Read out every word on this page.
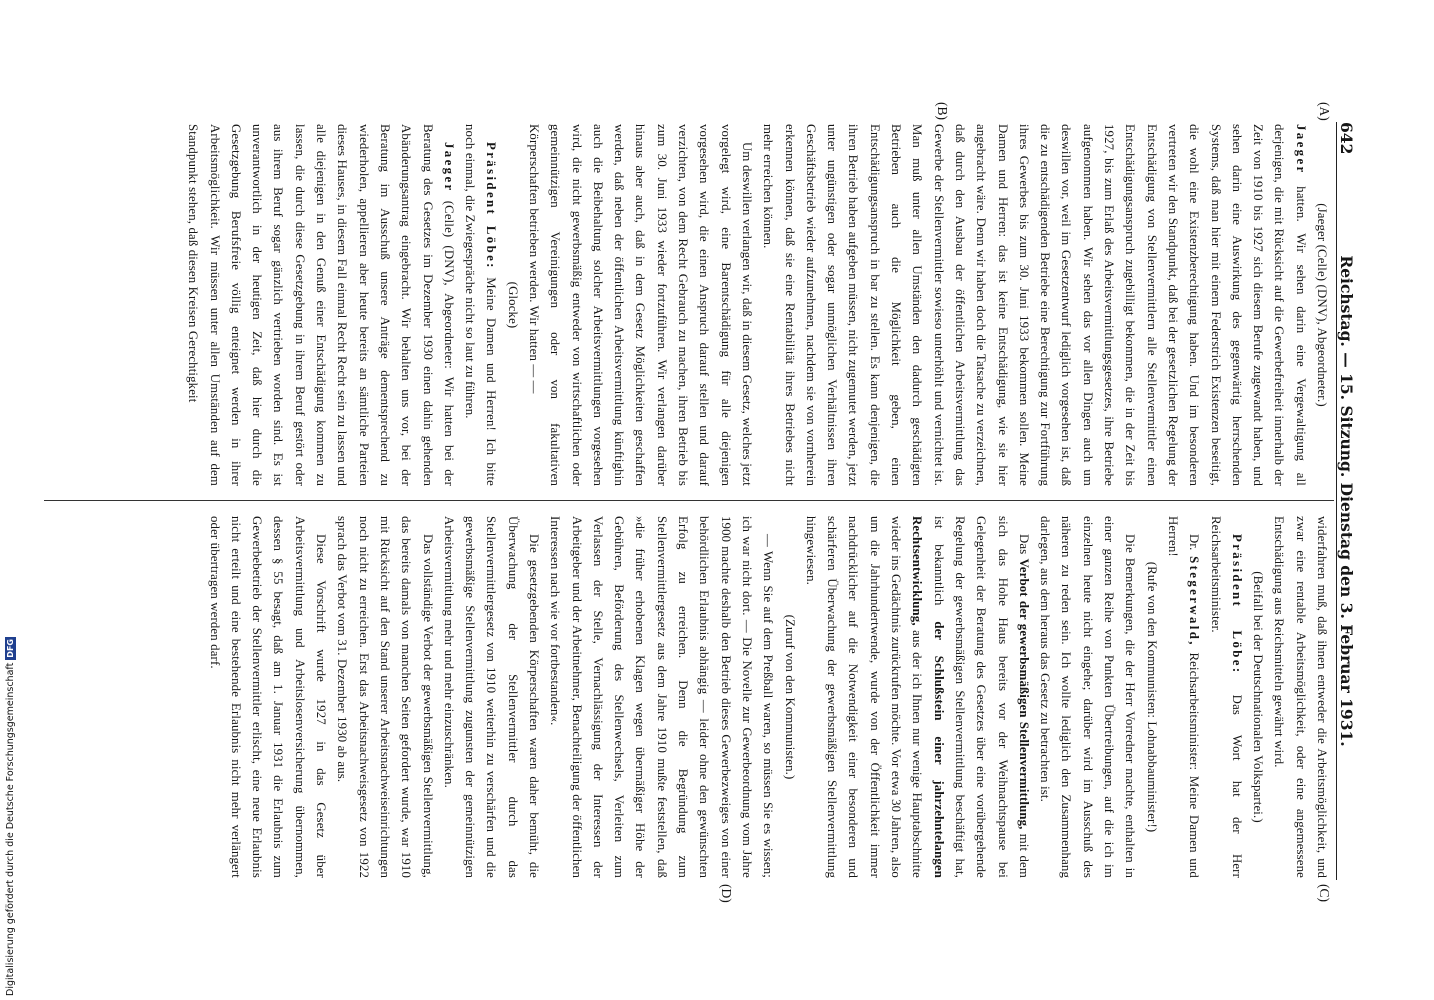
642
Reichstag. — 15. Sitzung. Dienstag den 3. Februar 1931.
(A)
(B)
(C)
(D)

(Jaeger (Celle) (DNV), Abgeordneter.)

Jaeger hatten. Wir sehen darin eine Vergewaltigung all derjenigen, die mit Rücksicht auf die Gewerbefreiheit innerhalb der Zeit von 1910 bis 1927 sich diesem Berufe zugewandt haben, und sehen darin eine Auswirkung des gegenwärtig herrschenden Systems, daß man hier mit einem Federstrich Existenzen beseitigt, die wohl eine Existenzberechtigung haben. Und im besonderen vertreten wir den Standpunkt, daß bei der gesetzlichen Regelung der Entschädigung von Stellenvermittlern alle Stellenvermittler einen Entschädigungsanspruch zugebilligt bekommen, die in der Zeit bis 1927, bis zum Erlaß des Arbeitsvermittlungsgesetzes, ihre Betriebe aufgenommen haben. Wir sehen das vor allen Dingen auch um deswillen vor, weil im Gesetzentwurf lediglich vorgesehen ist, daß die zu entschädigenden Betriebe eine Berechtigung zur Fortführung ihres Gewerbes bis zum 30. Juni 1933 bekommen sollen. Meine Damen und Herren: das ist keine Entschädigung, wie sie hier angebracht wäre. Denn wir haben doch die Tatsache zu verzeichnen, daß durch den Ausbau der öffentlichen Arbeitsvermittlung das Gewerbe der Stellenvermittler sowieso unterhöhlt und vernichtet ist. Man muß unter allen Umständen den dadurch geschädigten Betrieben auch die Möglichkeit geben, einen Entschädigungsanspruch in bar zu stellen. Es kann denjenigen, die ihren Betrieb haben aufgeben müssen, nicht zugemutet werden, jetzt unter ungünstigen oder sogar unmöglichen Verhältnissen ihren Geschäftsbetrieb wieder aufzunehmen, nachdem sie von vornherein erkennen können, daß sie eine Rentabilität ihres Betriebes nicht mehr erreichen können.

Um deswillen verlangen wir, daß in diesem Gesetz, welches jetzt vorgelegt wird, eine Barentschädigung für alle diejenigen vorgesehen wird, die einen Anspruch darauf stellen und darauf verzichten, von dem Recht Gebrauch zu machen, ihren Betrieb bis zum 30. Juni 1933 wieder fortzuführen. Wir verlangen darüber hinaus aber auch, daß in dem Gesetz Möglichkeiten geschaffen werden, daß neben der öffentlichen Arbeitsvermittlung künftighin auch die Beibehaltung solcher Arbeitsvermittlungen vorgesehen wird, die nicht gewerbsmäßig entweder von wirtschaftlichen oder gemeinnützigen Vereinigungen oder von fakultativen Körperschaften betrieben werden. Wir hatten — —

(Glocke)

Präsident Löbe: Meine Damen und Herren! Ich bitte noch einmal, die Zwiegespräche nicht so laut zu führen.

Jaeger (Celle) (DNV), Abgeordneter: Wir hatten bei der Beratung des Gesetzes im Dezember 1930 einen dahin gehenden Abänderungsantrag eingebracht. Wir behalten uns vor, bei der Beratung im Ausschuß unsere Anträge dementsprechend zu wiederholen, appellieren aber heute bereits an sämtliche Parteien dieses Hauses, in diesem Fall einmal Recht Recht sein zu lassen und alle diejenigen in den Genuß einer Entschädigung kommen zu lassen, die durch diese Gesetzgebung in ihrem Beruf gestört oder aus ihrem Beruf sogar gänzlich vertrieben worden sind. Es ist unverantwortlich in der heutigen Zeit, daß hier durch die Gesetzgebung Berufsfreie völlig enteignet werden in ihrer Arbeitsmöglichkeit. Wir müssen unter allen Umständen auf dem Standpunkt stehen, daß diesen Kreisen Gerechtigkeit

widerfahren muß, daß ihnen entweder die Arbeitsmöglichkeit, und zwar eine rentable Arbeitsmöglichkeit, oder eine angemessene Entschädigung aus Reichsmitteln gewährt wird.

(Beifall bei der Deutschnationalen Volkspartei.)

Präsident Löbe: Das Wort hat der Herr Reichsarbeitsminister.

Dr. Stegerwald, Reichsarbeitsminister: Meine Damen und Herren!

(Rufe von den Kommunisten: Lohnabbauminister!)

Die Bemerkungen, die der Herr Vorredner machte, enthalten in einer ganzen Reihe von Punkten Übertreibungen, auf die ich im einzelnen heute nicht eingehe; darüber wird im Ausschuß des näheren zu reden sein. Ich wollte lediglich den Zusammenhang darlegen, aus dem heraus das Gesetz zu betrachten ist.

Das Verbot der gewerbsmäßigen Stellenvermittlung, mit dem sich das Hohe Haus bereits vor der Weihnachtspause bei Gelegenheit der Beratung des Gesetzes über eine vorübergehende Regelung der gewerbsmäßigen Stellenvermittlung beschäftigt hat, ist bekanntlich der Schlußstein einer jahrzehntelangen Rechtsentwicklung, aus der ich Ihnen nur wenige Hauptabschnitte wieder ins Gedächtnis zurückrufen möchte. Vor etwa 30 Jahren, also um die Jahrhundertwende, wurde von der Öffentlichkeit immer nachdrücklicher auf die Notwendigkeit einer besonderen und schärferen Überwachung der gewerbsmäßigen Stellenvermittlung hingewiesen.

(Zuruf von den Kommunisten.)

— Wenn Sie auf dem Preßball waren, so müssen Sie es wissen; ich war nicht dort. — Die Novelle zur Gewerbeordnung vom Jahre 1900 machte deshalb den Betrieb dieses Gewerbezweiges von einer behördlichen Erlaubnis abhängig — leider ohne den gewünschten Erfolg zu erreichen. Denn die Begründung zum Stellenvermittlergesetz aus dem Jahre 1910 mußte feststellen, daß »die früher erhobenen Klagen wegen übermäßiger Höhe der Gebühren, Beförderung des Stellenwechsels, Verleiten zum Verlassen der Stelle, Vernachlässigung der Interessen der Arbeitgeber und der Arbeitnehmer, Benachteiligung der öffentlichen Interessen nach wie vor fortbestanden«.

Die gesetzgebenden Körperschaften waren daher bemüht, die Überwachung der Stellenvermittler durch das Stellenvermittlergesetz von 1910 weiterhin zu verschärfen und die gewerbsmäßige Stellenvermittlung zugunsten der gemeinnützigen Arbeitsvermittlung mehr und mehr einzuschränken.

Das vollständige Verbot der gewerbsmäßigen Stellenvermittlung, das bereits damals von manchen Seiten gefordert wurde, war 1910 mit Rücksicht auf den Stand unserer Arbeitsnachweiseinrichtungen noch nicht zu erreichen. Erst das Arbeitsnachweisgesetz von 1922 sprach das Verbot vom 31. Dezember 1930 ab aus.

Diese Vorschrift wurde 1927 in das Gesetz über Arbeitsvermittlung und Arbeitslosenversicherung übernommen, dessen § 55 besagt, daß am 1. Januar 1931 die Erlaubnis zum Gewerbebetrieb der Stellenvermittler erlischt, eine neue Erlaubnis nicht erteilt und eine bestehende Erlaubnis nicht mehr verlängert oder übertragen werden darf.

Digitalisierung gefördert durch die Deutsche ForschungsgemeinschaftDFG
